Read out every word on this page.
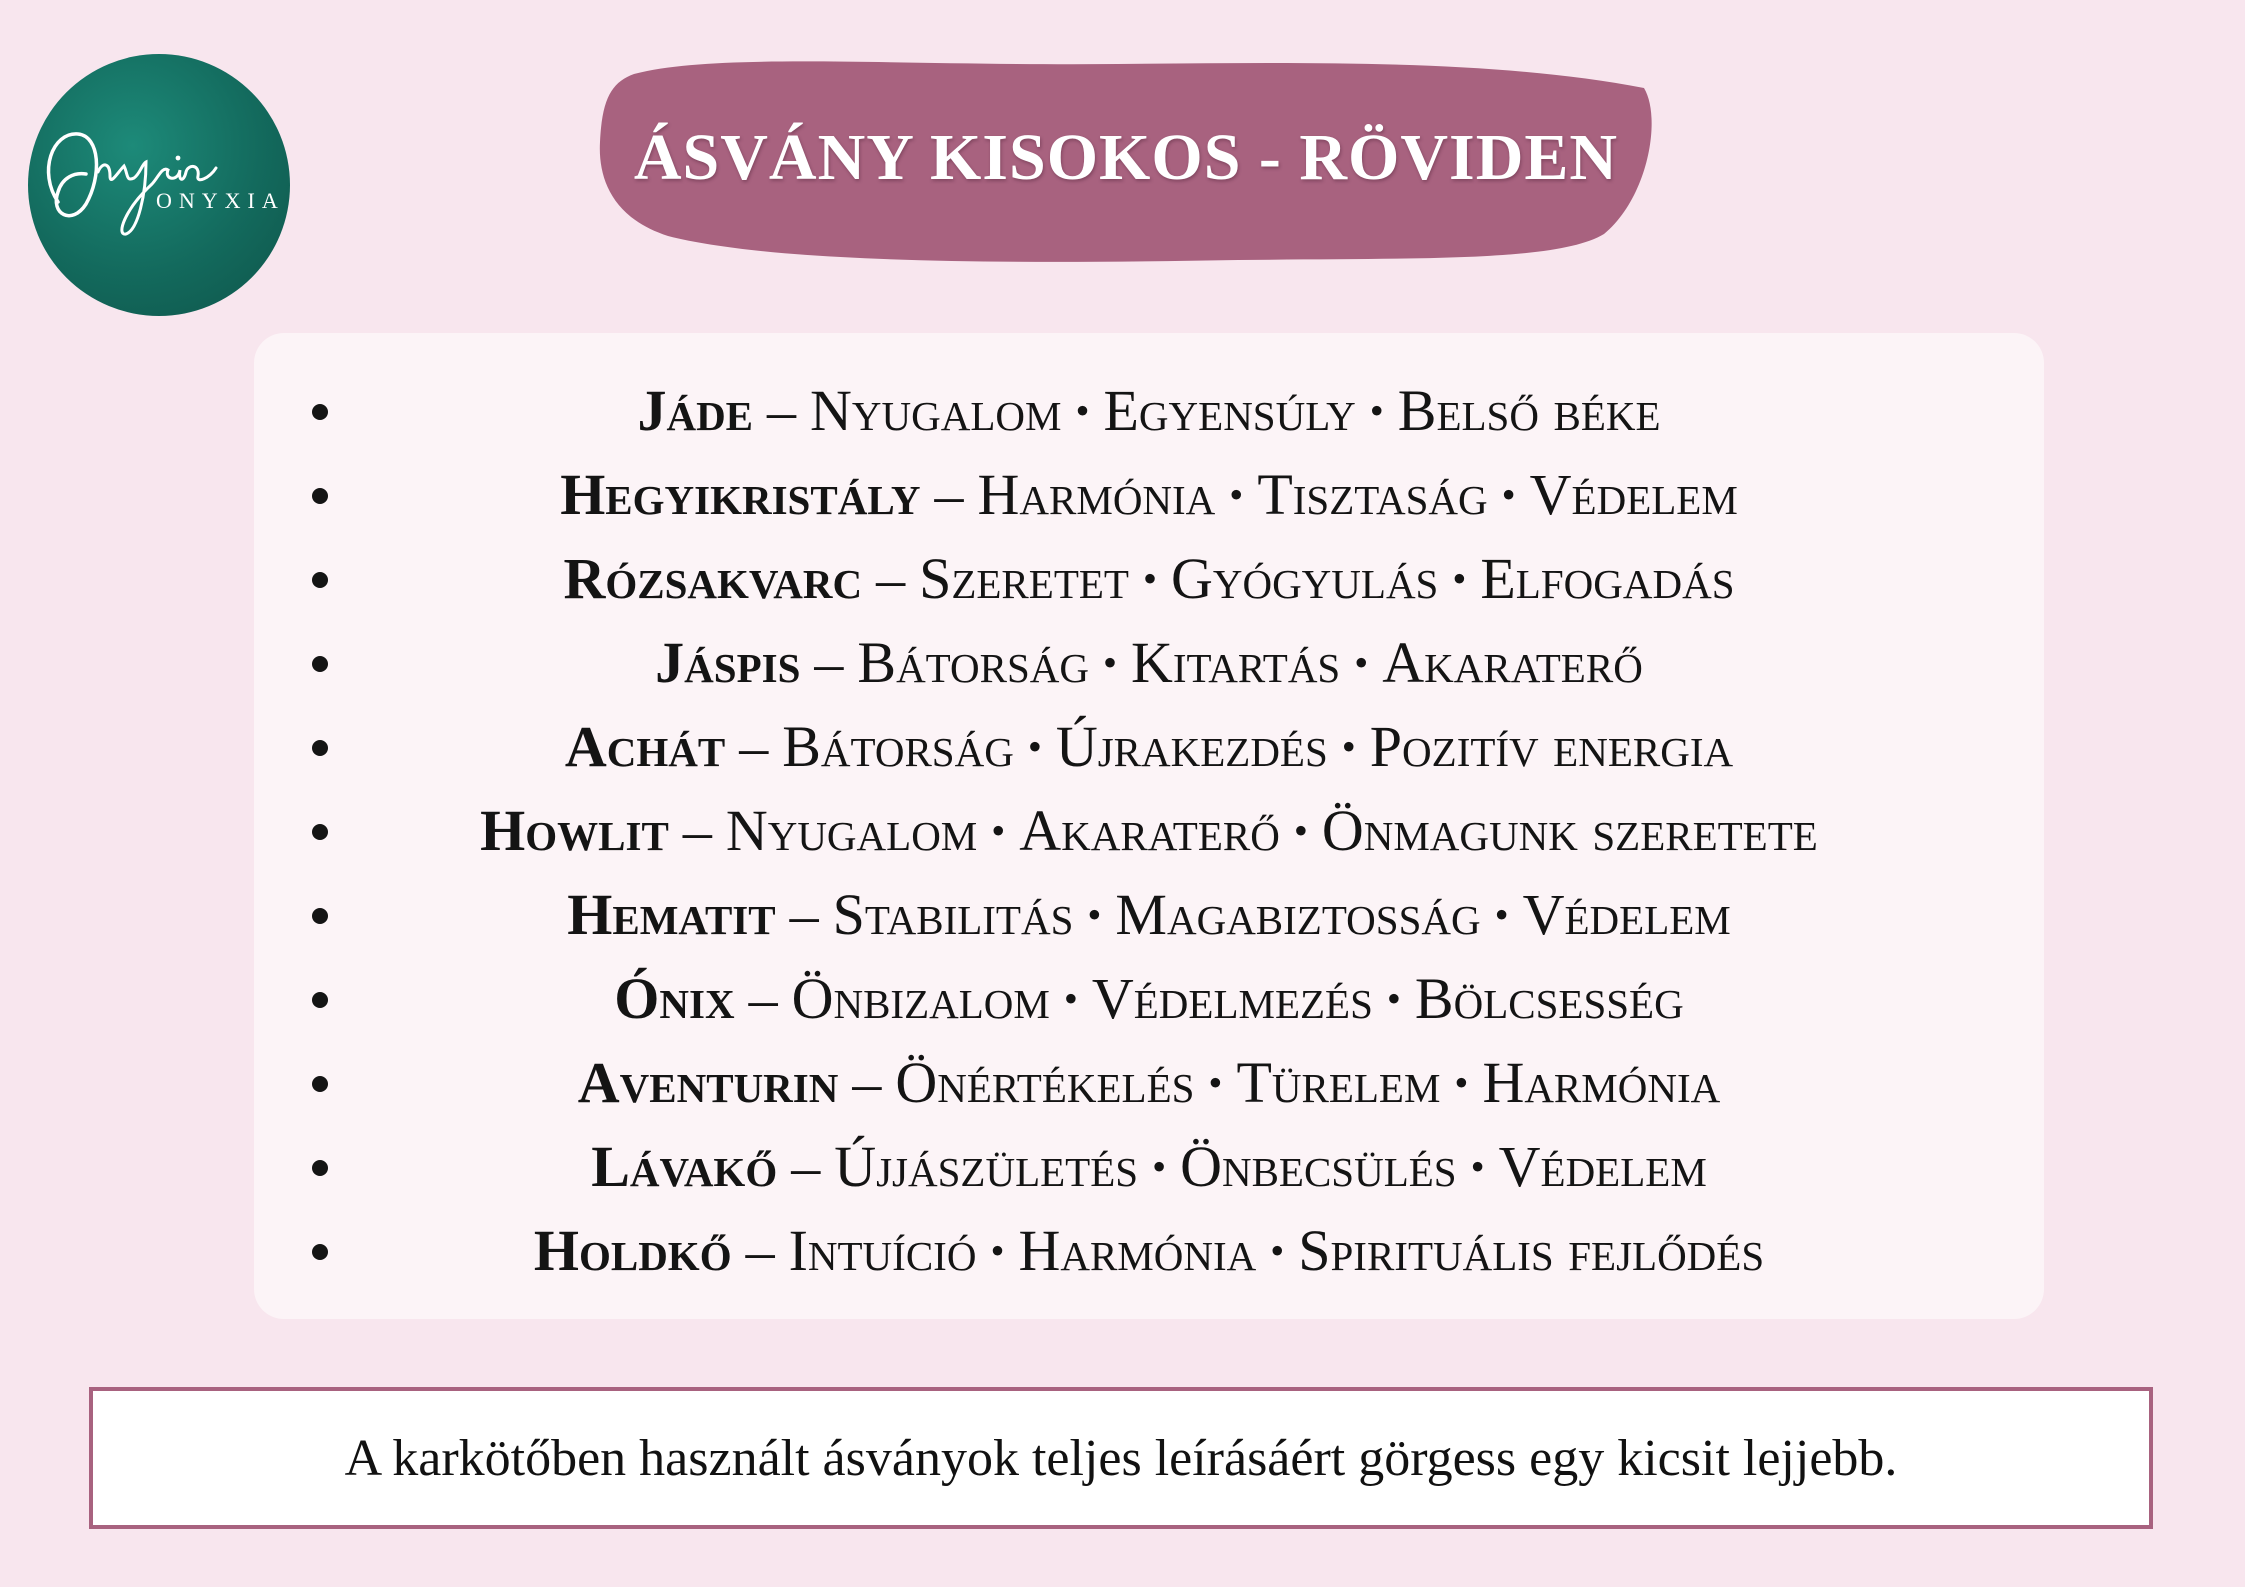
ONYXIA
ÁSVÁNY KISOKOS - RÖVIDEN
Jáde – Nyugalom • Egyensúly • Belső béke
Hegyikristály – Harmónia • Tisztaság • Védelem
Rózsakvarc – Szeretet • Gyógyulás • Elfogadás
Jáspis – Bátorság • Kitartás • Akaraterő
Achát – Bátorság • Újrakezdés • Pozitív energia
Howlit – Nyugalom • Akaraterő • Önmagunk szeretete
Hematit – Stabilitás • Magabiztosság • Védelem
Ónix – Önbizalom • Védelmezés • Bölcsesség
Aventurin – Önértékelés • Türelem • Harmónia
Lávakő – Újjászületés • Önbecsülés • Védelem
Holdkő – Intuíció • Harmónia • Spirituális fejlődés
A karkötőben használt ásványok teljes leírásáért görgess egy kicsit lejjebb.
